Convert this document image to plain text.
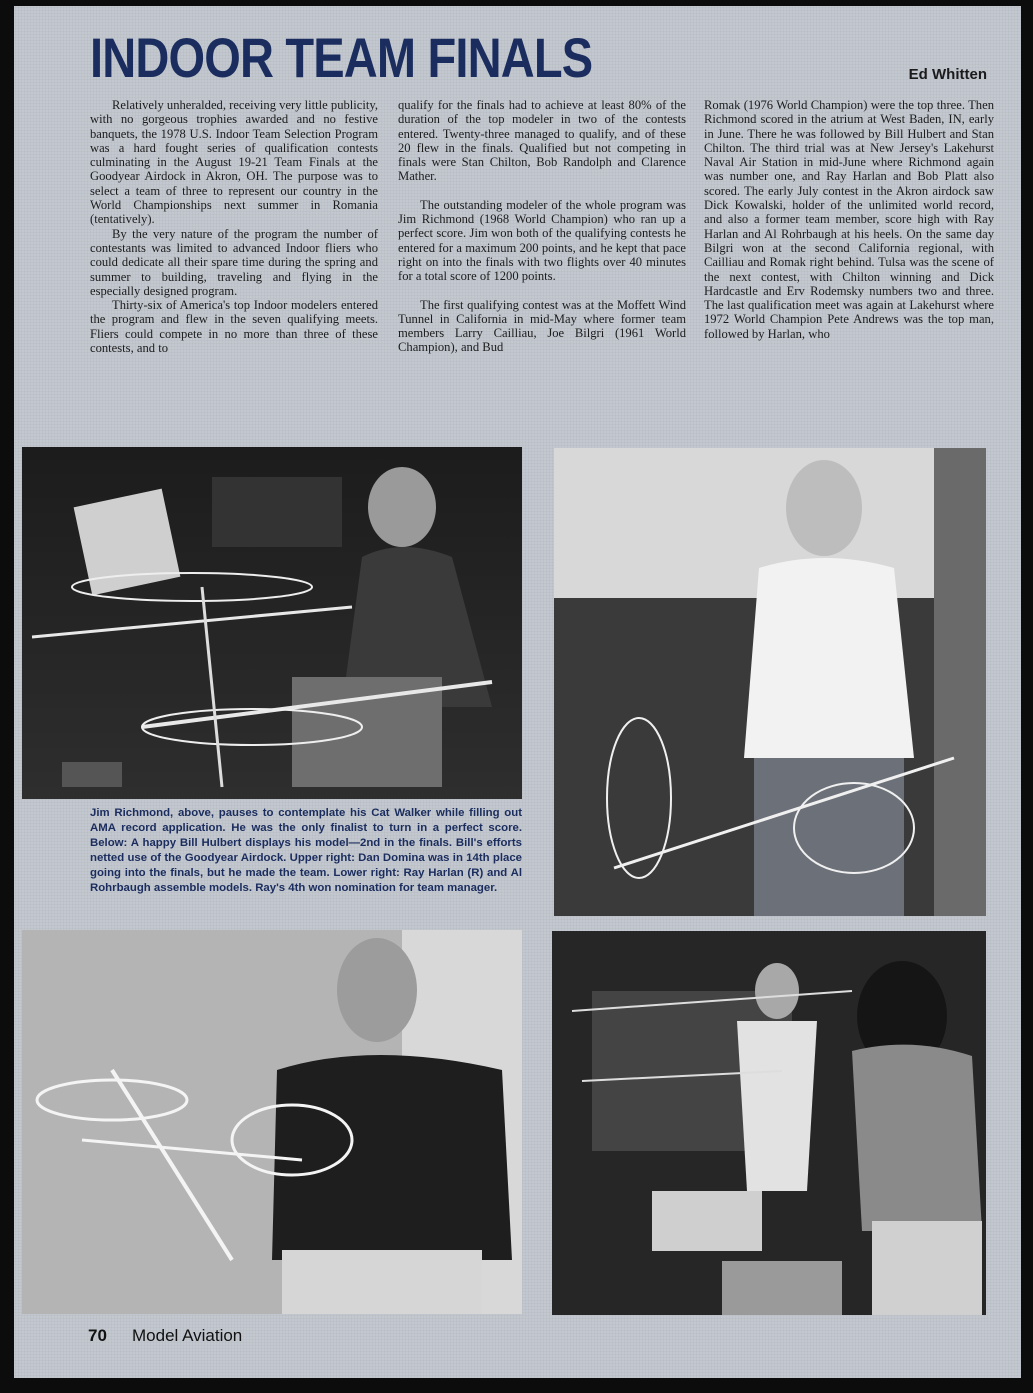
INDOOR TEAM FINALS	Ed Whitten

Relatively unheralded, receiving very little publicity, with no gorgeous trophies awarded and no festive banquets, the 1978 U.S. Indoor Team Selection Program was a hard fought series of qualification contests culminating in the August 19-21 Team Finals at the Goodyear Airdock in Akron, OH. The purpose was to select a team of three to represent our country in the World Championships next summer in Romania (tentatively).

By the very nature of the program the number of contestants was limited to advanced Indoor fliers who could dedicate all their spare time during the spring and summer to building, traveling and flying in the especially designed program.

Thirty-six of America's top Indoor modelers entered the program and flew in the seven qualifying meets. Fliers could compete in no more than three of these contests, and to

qualify for the finals had to achieve at least 80% of the duration of the top modeler in two of the contests entered. Twenty-three managed to qualify, and of these 20 flew in the finals. Qualified but not competing in finals were Stan Chilton, Bob Randolph and Clarence Mather.

The outstanding modeler of the whole program was Jim Richmond (1968 World Champion) who ran up a perfect score. Jim won both of the qualifying contests he entered for a maximum 200 points, and he kept that pace right on into the finals with two flights over 40 minutes for a total score of 1200 points.

The first qualifying contest was at the Moffett Wind Tunnel in California in mid-May where former team members Larry Cailliau, Joe Bilgri (1961 World Champion), and Bud

Romak (1976 World Champion) were the top three. Then Richmond scored in the atrium at West Baden, IN, early in June. There he was followed by Bill Hulbert and Stan Chilton. The third trial was at New Jersey's Lakehurst Naval Air Station in mid-June where Richmond again was number one, and Ray Harlan and Bob Platt also scored. The early July contest in the Akron airdock saw Dick Kowalski, holder of the unlimited world record, and also a former team member, score high with Ray Harlan and Al Rohrbaugh at his heels. On the same day Bilgri won at the second California regional, with Cailliau and Romak right behind. Tulsa was the scene of the next contest, with Chilton winning and Dick Hardcastle and Erv Rodemsky numbers two and three. The last qualification meet was again at Lakehurst where 1972 World Champion Pete Andrews was the top man, followed by Harlan, who

Jim Richmond, above, pauses to contemplate his Cat Walker while filling out AMA record application. He was the only finalist to turn in a perfect score. Below: A happy Bill Hulbert displays his model—2nd in the finals. Bill's efforts netted use of the Goodyear Airdock. Upper right: Dan Domina was in 14th place going into the finals, but he made the team. Lower right: Ray Harlan (R) and Al Rohrbaugh assemble models. Ray's 4th won nomination for team manager.
70 Model Aviation
